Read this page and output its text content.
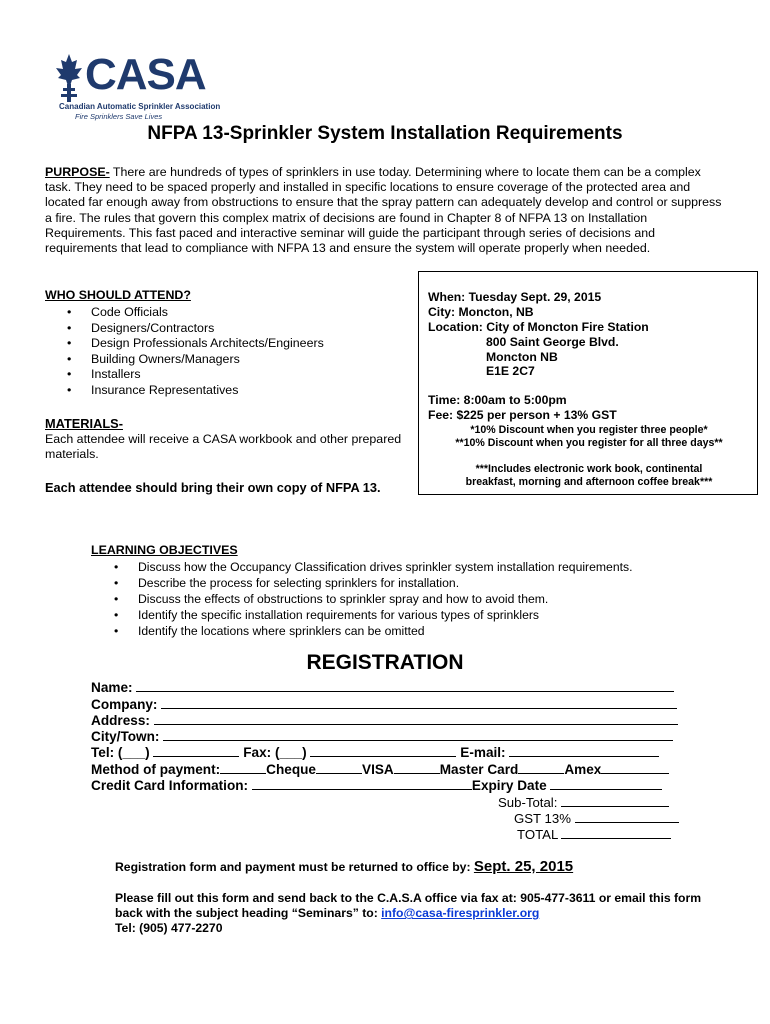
CASA
Canadian Automatic Sprinkler Association
Fire Sprinklers Save Lives
NFPA 13-Sprinkler System Installation Requirements
PURPOSE- There are hundreds of types of sprinklers in use today. Determining where to locate them can be a complex task. They need to be spaced properly and installed in specific locations to ensure coverage of the protected area and located far enough away from obstructions to ensure that the spray pattern can adequately develop and control or suppress a fire. The rules that govern this complex matrix of decisions are found in Chapter 8 of NFPA 13 on Installation Requirements. This fast paced and interactive seminar will guide the participant through series of decisions and requirements that lead to compliance with NFPA 13 and ensure the system will operate properly when needed.
WHO SHOULD ATTEND?
• Code Officials
• Designers/Contractors
• Design Professionals Architects/Engineers
• Building Owners/Managers
• Installers
• Insurance Representatives
MATERIALS-
Each attendee will receive a CASA workbook and other prepared materials.
Each attendee should bring their own copy of NFPA 13.
When: Tuesday Sept. 29, 2015
City: Moncton, NB
Location: City of Moncton Fire Station
800 Saint George Blvd.
Moncton NB
E1E 2C7
Time: 8:00am to 5:00pm
Fee: $225 per person + 13% GST
*10% Discount when you register three people*
**10% Discount when you register for all three days**
***Includes electronic work book, continental
breakfast, morning and afternoon coffee break***
LEARNING OBJECTIVES
• Discuss how the Occupancy Classification drives sprinkler system installation requirements.
• Describe the process for selecting sprinklers for installation.
• Discuss the effects of obstructions to sprinkler spray and how to avoid them.
• Identify the specific installation requirements for various types of sprinklers
• Identify the locations where sprinklers can be omitted
REGISTRATION
Name:
Company:
Address:
City/Town:
Tel: (___)	Fax: (___)	E-mail:
Method of payment:	Cheque	VISA	Master Card	Amex
Credit Card Information:	Expiry Date
Sub-Total:
GST 13%
TOTAL
Registration form and payment must be returned to office by: Sept. 25, 2015
Please fill out this form and send back to the C.A.S.A office via fax at: 905-477-3611 or email this form back with the subject heading “Seminars” to: info@casa-firesprinkler.org
Tel: (905) 477-2270
